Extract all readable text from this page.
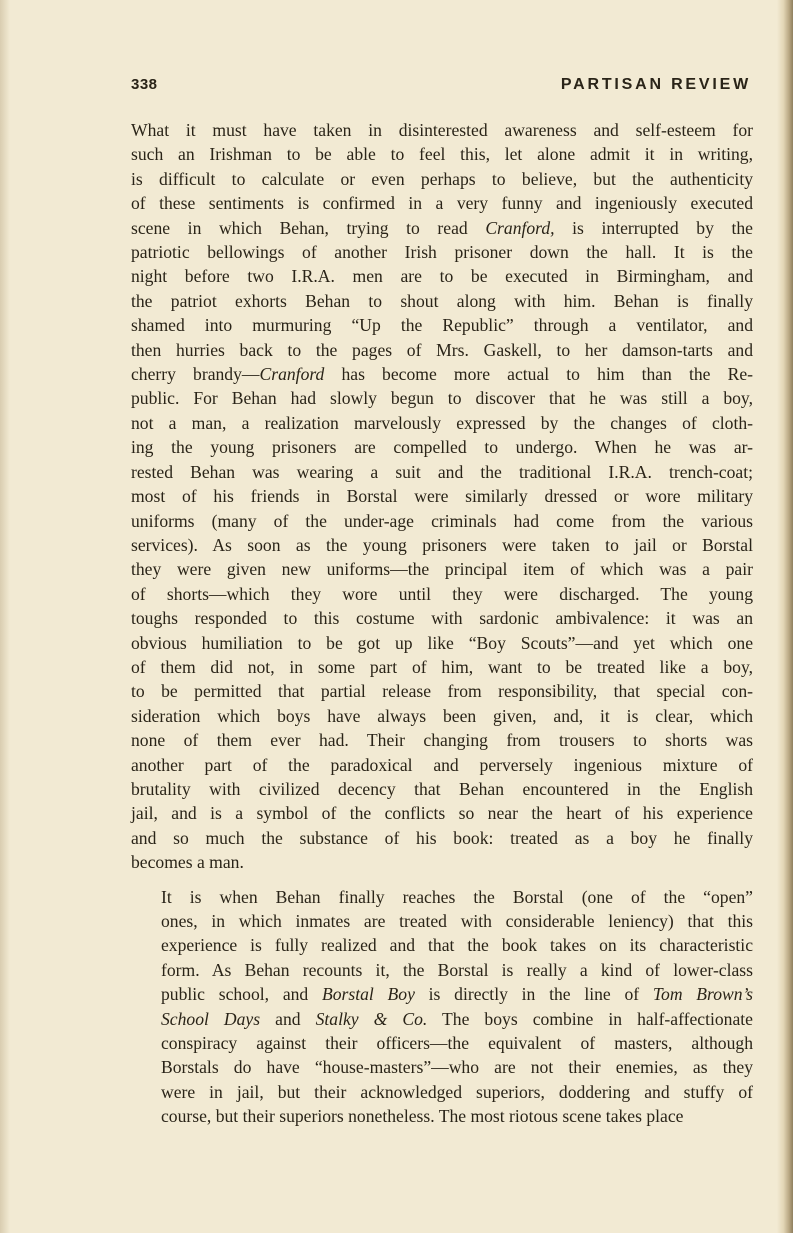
338	PARTISAN REVIEW

What it must have taken in disinterested awareness and self-esteem for
such an Irishman to be able to feel this, let alone admit it in writing,
is difficult to calculate or even perhaps to believe, but the authenticity
of these sentiments is confirmed in a very funny and ingeniously executed
scene in which Behan, trying to read Cranford, is interrupted by the
patriotic bellowings of another Irish prisoner down the hall. It is the
night before two I.R.A. men are to be executed in Birmingham, and
the patriot exhorts Behan to shout along with him. Behan is finally
shamed into murmuring “Up the Republic” through a ventilator, and
then hurries back to the pages of Mrs. Gaskell, to her damson-tarts and
cherry brandy—Cranford has become more actual to him than the Re-
public. For Behan had slowly begun to discover that he was still a boy,
not a man, a realization marvelously expressed by the changes of cloth-
ing the young prisoners are compelled to undergo. When he was ar-
rested Behan was wearing a suit and the traditional I.R.A. trench-coat;
most of his friends in Borstal were similarly dressed or wore military
uniforms (many of the under-age criminals had come from the various
services). As soon as the young prisoners were taken to jail or Borstal
they were given new uniforms—the principal item of which was a pair
of shorts—which they wore until they were discharged. The young
toughs responded to this costume with sardonic ambivalence: it was an
obvious humiliation to be got up like “Boy Scouts”—and yet which one
of them did not, in some part of him, want to be treated like a boy,
to be permitted that partial release from responsibility, that special con-
sideration which boys have always been given, and, it is clear, which
none of them ever had. Their changing from trousers to shorts was
another part of the paradoxical and perversely ingenious mixture of
brutality with civilized decency that Behan encountered in the English
jail, and is a symbol of the conflicts so near the heart of his experience
and so much the substance of his book: treated as a boy he finally
becomes a man.

It is when Behan finally reaches the Borstal (one of the “open”
ones, in which inmates are treated with considerable leniency) that this
experience is fully realized and that the book takes on its characteristic
form. As Behan recounts it, the Borstal is really a kind of lower-class
public school, and Borstal Boy is directly in the line of Tom Brown’s
School Days and Stalky & Co. The boys combine in half-affectionate
conspiracy against their officers—the equivalent of masters, although
Borstals do have “house-masters”—who are not their enemies, as they
were in jail, but their acknowledged superiors, doddering and stuffy of
course, but their superiors nonetheless. The most riotous scene takes place
